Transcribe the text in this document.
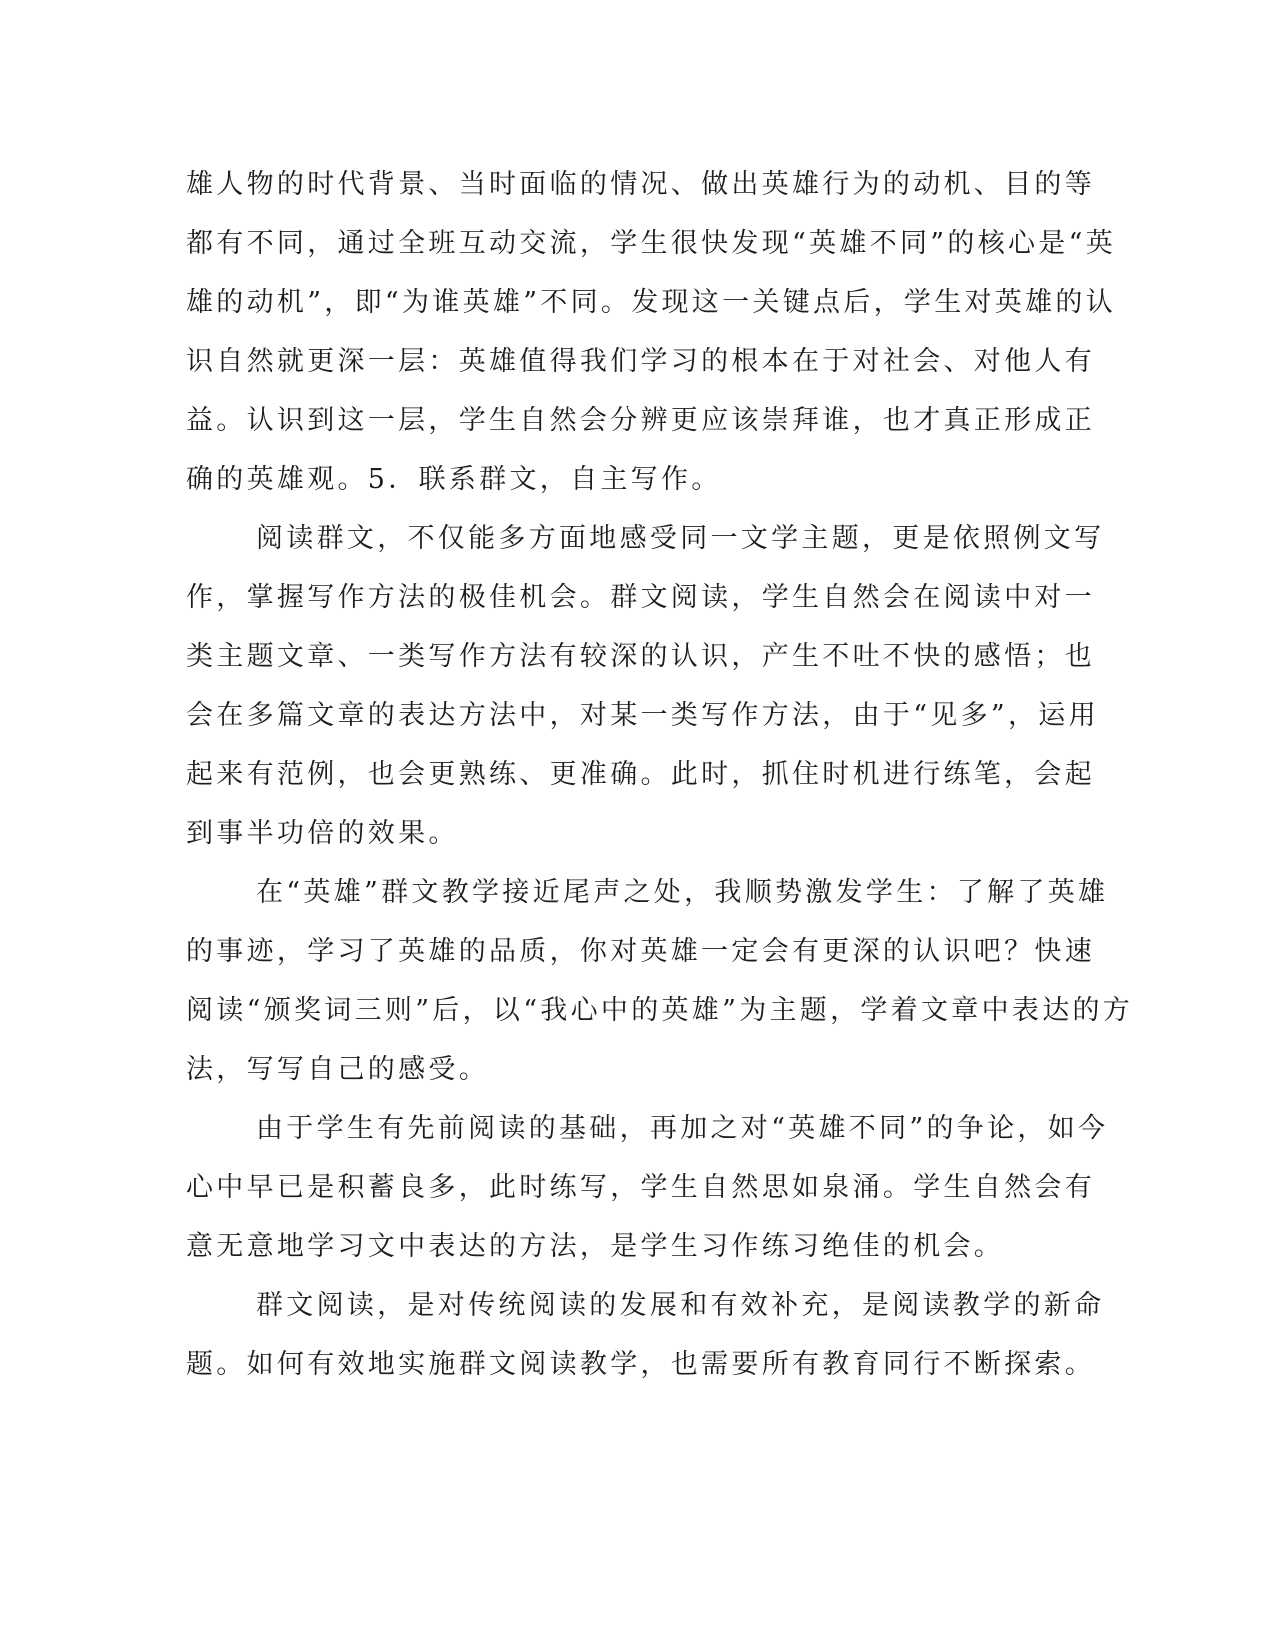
雄人物的时代背景、当时面临的情况、做出英雄行为的动机、目的等
都有不同，通过全班互动交流，学生很快发现“英雄不同”的核心是“英
雄的动机”，即“为谁英雄”不同。发现这一关键点后，学生对英雄的认
识自然就更深一层：英雄值得我们学习的根本在于对社会、对他人有
益。认识到这一层，学生自然会分辨更应该崇拜谁，也才真正形成正
确的英雄观。5．联系群文，自主写作。

阅读群文，不仅能多方面地感受同一文学主题，更是依照例文写
作，掌握写作方法的极佳机会。群文阅读，学生自然会在阅读中对一
类主题文章、一类写作方法有较深的认识，产生不吐不快的感悟；也
会在多篇文章的表达方法中，对某一类写作方法，由于“见多”，运用
起来有范例，也会更熟练、更准确。此时，抓住时机进行练笔，会起
到事半功倍的效果。

在“英雄”群文教学接近尾声之处，我顺势激发学生：了解了英雄
的事迹，学习了英雄的品质，你对英雄一定会有更深的认识吧？快速
阅读“颁奖词三则”后，以“我心中的英雄”为主题，学着文章中表达的方
法，写写自己的感受。

由于学生有先前阅读的基础，再加之对“英雄不同”的争论，如今
心中早已是积蓄良多，此时练写，学生自然思如泉涌。学生自然会有
意无意地学习文中表达的方法，是学生习作练习绝佳的机会。

群文阅读，是对传统阅读的发展和有效补充，是阅读教学的新命
题。如何有效地实施群文阅读教学，也需要所有教育同行不断探索。
